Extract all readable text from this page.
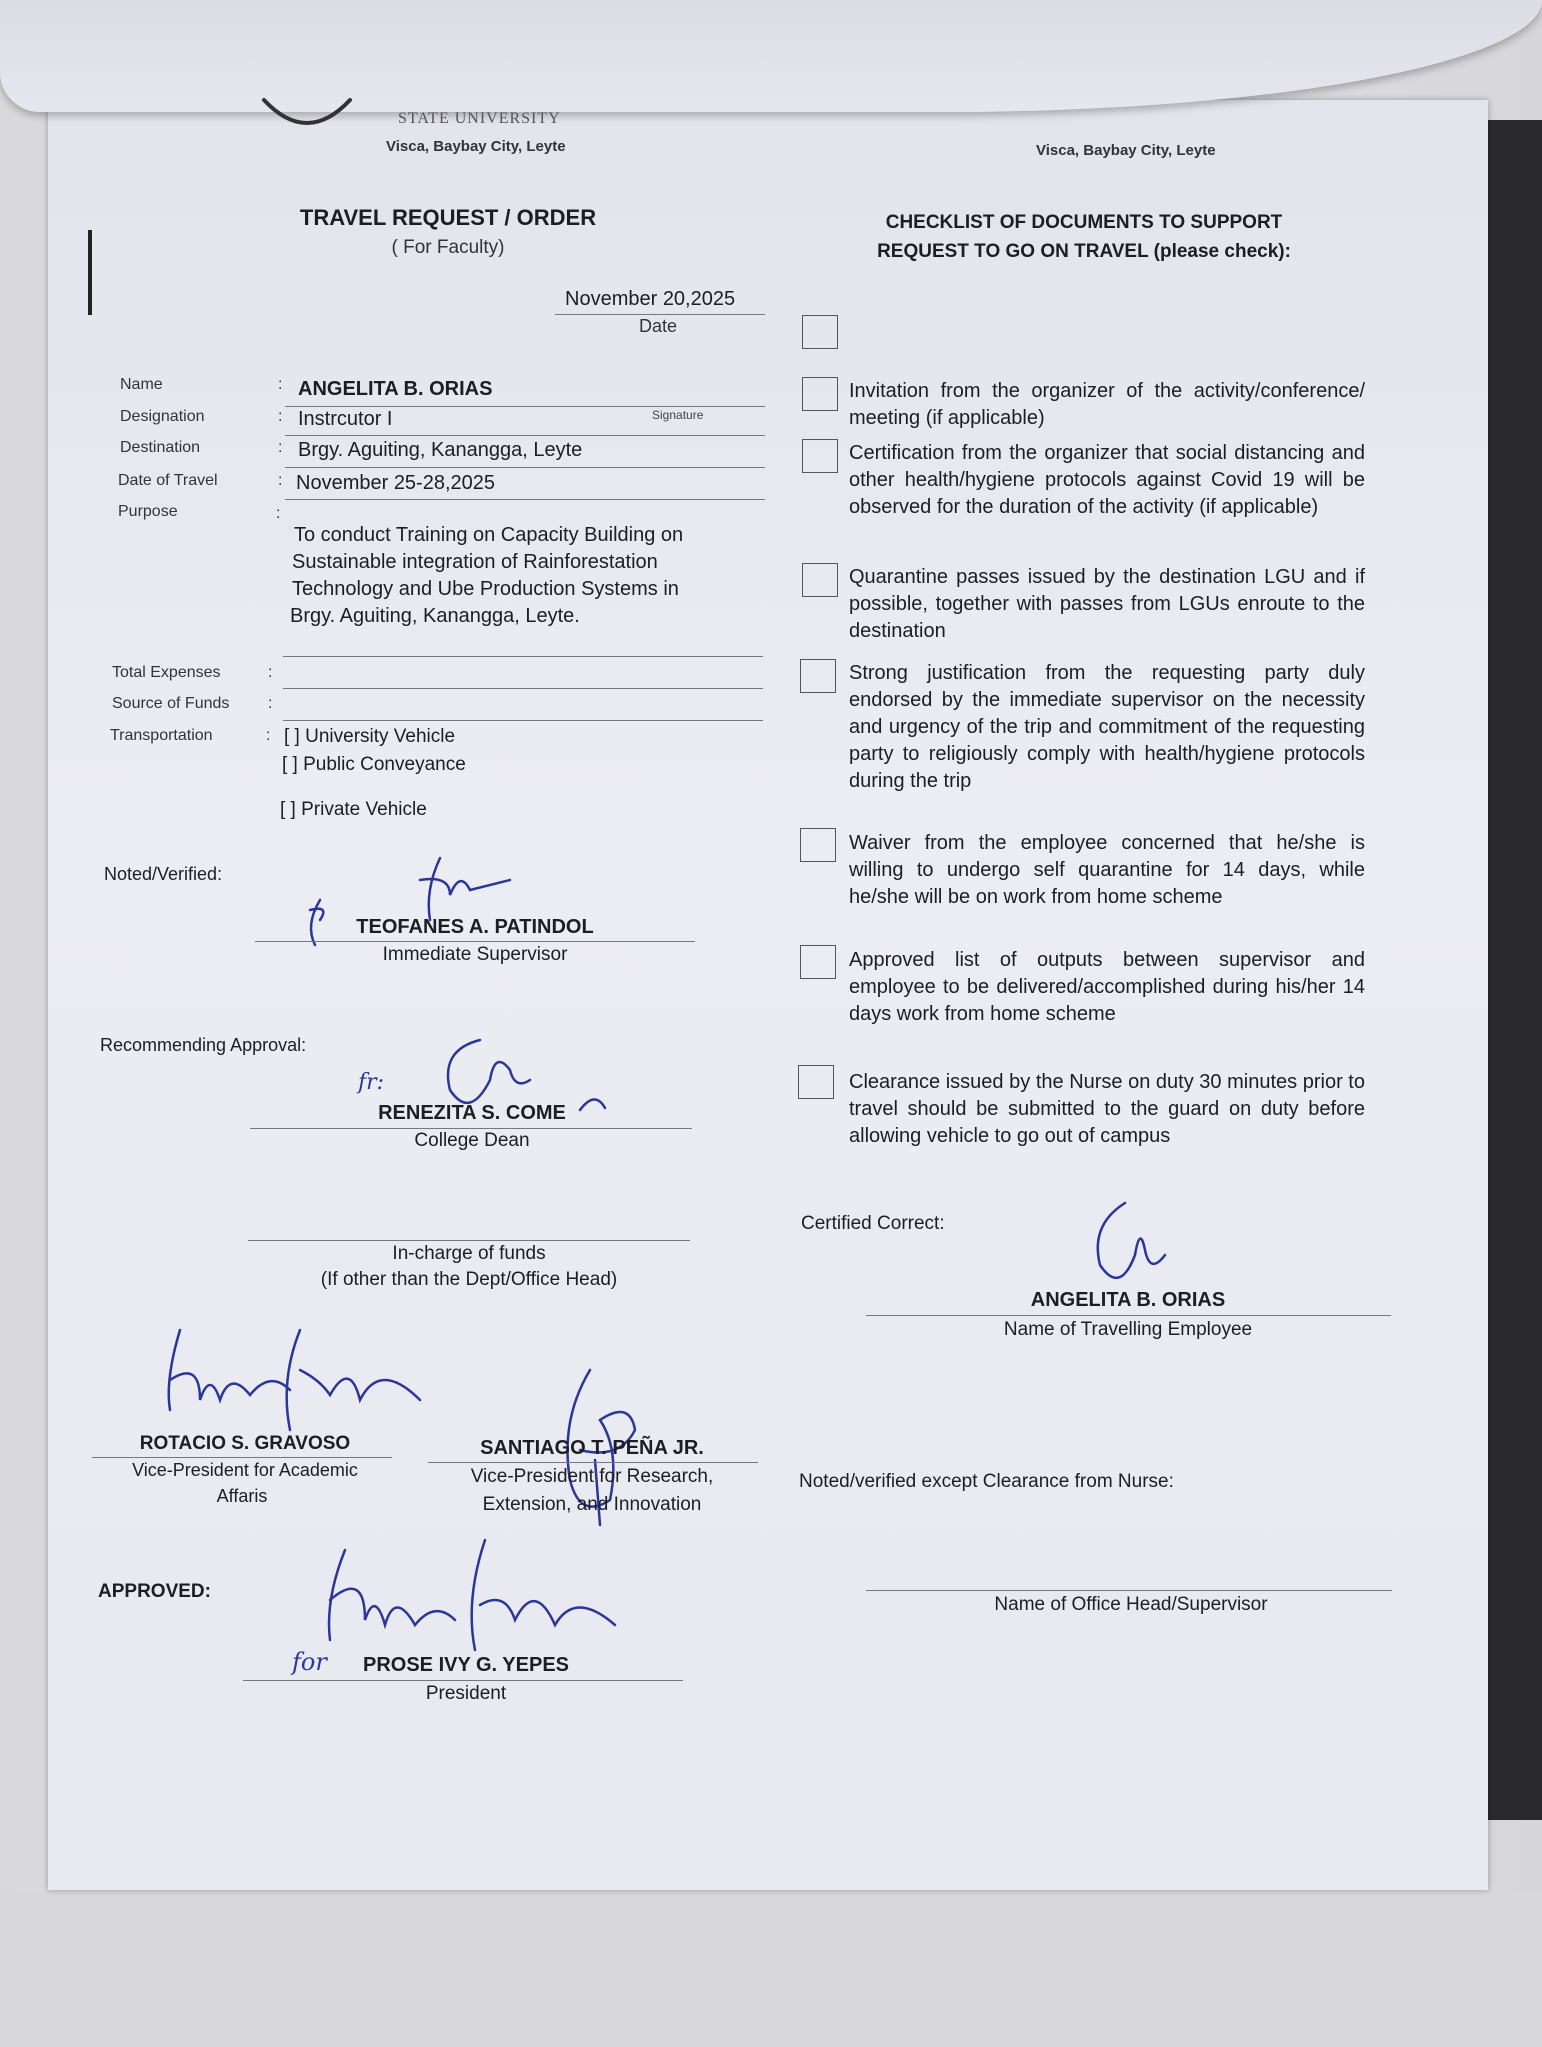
STATE UNIVERSITY
Visca, Baybay City, Leyte	Visca, Baybay City, Leyte
TRAVEL REQUEST / ORDER
( For Faculty)
November 20,2025
Date
Name	: ANGELITA B. ORIAS
Signature
Designation	: Instrcutor I
Destination	: Brgy. Aguiting, Kanangga, Leyte
Date of Travel	: November 25-28,2025
Purpose	:
To conduct Training on Capacity Building on
Sustainable integration of Rainforestation
Technology and Ube Production Systems in
Brgy. Aguiting, Kanangga, Leyte.
Total Expenses	:
Source of Funds :
Transportation	: [ ] University Vehicle
[ ] Public Conveyance
[ ] Private Vehicle
Noted/Verified:
TEOFANES A. PATINDOL
Immediate Supervisor
Recommending Approval:
fr:
RENEZITA S. COME
College Dean
In-charge of funds
(If other than the Dept/Office Head)
ROTACIO S. GRAVOSO
Vice-President for Academic
Affaris
SANTIAGO T. PEÑA JR.
Vice-President for Research,
Extension, and Innovation
APPROVED:
for PROSE IVY G. YEPES
President
CHECKLIST OF DOCUMENTS TO SUPPORT
REQUEST TO GO ON TRAVEL (please check):
Invitation from the organizer of the activity/conference/ meeting (if applicable)
Certification from the organizer that social distancing and other health/hygiene protocols against Covid 19 will be observed for the duration of the activity (if applicable)
Quarantine passes issued by the destination LGU and if possible, together with passes from LGUs enroute to the destination
Strong justification from the requesting party duly endorsed by the immediate supervisor on the necessity and urgency of the trip and commitment of the requesting party to religiously comply with health/hygiene protocols during the trip
Waiver from the employee concerned that he/she is willing to undergo self quarantine for 14 days, while he/she will be on work from home scheme
Approved list of outputs between supervisor and employee to be delivered/accomplished during his/her 14 days work from home scheme
Clearance issued by the Nurse on duty 30 minutes prior to travel should be submitted to the guard on duty before allowing vehicle to go out of campus
Certified Correct:
ANGELITA B. ORIAS
Name of Travelling Employee
Noted/verified except Clearance from Nurse:
Name of Office Head/Supervisor
